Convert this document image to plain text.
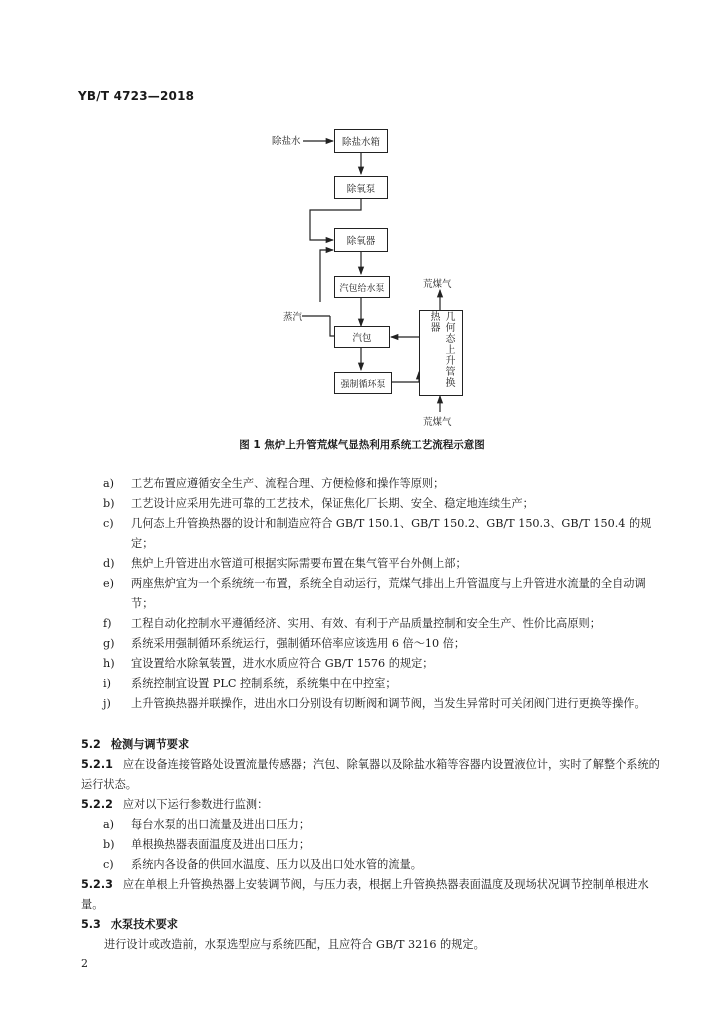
YB/T 4723—2018
除盐水	除盐水箱
除氧泵
除氧器
汽包给水泵
蒸汽
汽包
强制循环泵	几何态上升管换热器
荒煤气
荒煤气
图 1 焦炉上升管荒煤气显热利用系统工艺流程示意图
a) 工艺布置应遵循安全生产、流程合理、方便检修和操作等原则；
b) 工艺设计应采用先进可靠的工艺技术，保证焦化厂长期、安全、稳定地连续生产；
c) 几何态上升管换热器的设计和制造应符合 GB/T 150.1、GB/T 150.2、GB/T 150.3、GB/T 150.4 的规定；
d) 焦炉上升管进出水管道可根据实际需要布置在集气管平台外侧上部；
e) 两座焦炉宜为一个系统统一布置，系统全自动运行，荒煤气排出上升管温度与上升管进水流量的全自动调节；
f) 工程自动化控制水平遵循经济、实用、有效、有利于产品质量控制和安全生产、性价比高原则；
g) 系统采用强制循环系统运行，强制循环倍率应该选用 6 倍～10 倍；
h) 宜设置给水除氧装置，进水水质应符合 GB/T 1576 的规定；
i) 系统控制宜设置 PLC 控制系统，系统集中在中控室；
j) 上升管换热器并联操作，进出水口分别设有切断阀和调节阀，当发生异常时可关闭阀门进行更换等操作。
5.2 检测与调节要求
5.2.1 应在设备连接管路处设置流量传感器；汽包、除氧器以及除盐水箱等容器内设置液位计，实时了解整个系统的运行状态。
5.2.2 应对以下运行参数进行监测：
a) 每台水泵的出口流量及进出口压力；
b) 单根换热器表面温度及进出口压力；
c) 系统内各设备的供回水温度、压力以及出口处水管的流量。
5.2.3 应在单根上升管换热器上安装调节阀，与压力表，根据上升管换热器表面温度及现场状况调节控制单根进水量。
5.3 水泵技术要求
进行设计或改造前，水泵选型应与系统匹配，且应符合 GB/T 3216 的规定。
2
